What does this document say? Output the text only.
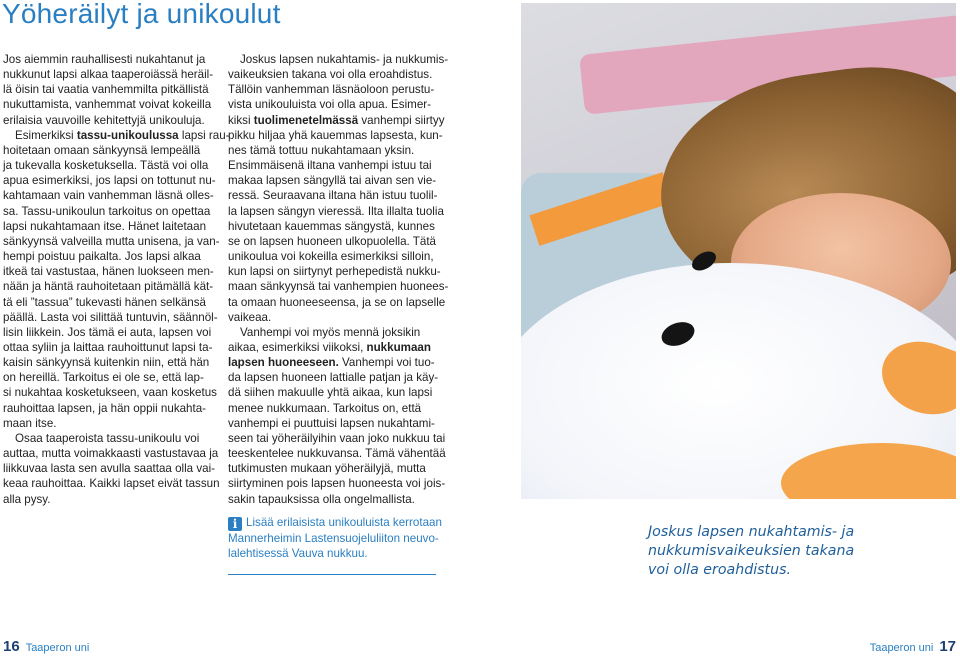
Yöheräilyt ja unikoulut
Jos aiemmin rauhallisesti nukahtanut ja
nukkunut lapsi alkaa taaperoiässä heräil-
lä öisin tai vaatia vanhemmilta pitkällistä
nukuttamista, vanhemmat voivat kokeilla
erilaisia vauvoille kehitettyjä unikouluja.
Esimerkiksi tassu-unikoulussa lapsi rau-
hoitetaan omaan sänkyynsä lempeällä
ja tukevalla kosketuksella. Tästä voi olla
apua esimerkiksi, jos lapsi on tottunut nu-
kahtamaan vain vanhemman läsnä olles-
sa. Tassu-unikoulun tarkoitus on opettaa
lapsi nukahtamaan itse. Hänet laitetaan
sänkyynsä valveilla mutta unisena, ja van-
hempi poistuu paikalta. Jos lapsi alkaa
itkeä tai vastustaa, hänen luokseen men-
nään ja häntä rauhoitetaan pitämällä kät-
tä eli ”tassua” tukevasti hänen selkänsä
päällä. Lasta voi silittää tuntuvin, säännöl-
lisin liikkein. Jos tämä ei auta, lapsen voi
ottaa syliin ja laittaa rauhoittunut lapsi ta-
kaisin sänkyynsä kuitenkin niin, että hän
on hereillä. Tarkoitus ei ole se, että lap-
si nukahtaa kosketukseen, vaan kosketus
rauhoittaa lapsen, ja hän oppii nukahta-
maan itse.
Osaa taaperoista tassu-unikoulu voi
auttaa, mutta voimakkaasti vastustavaa ja
liikkuvaa lasta sen avulla saattaa olla vai-
keaa rauhoittaa. Kaikki lapset eivät tassun
alla pysy.
Joskus lapsen nukahtamis- ja nukkumis-
vaikeuksien takana voi olla eroahdistus.
Tällöin vanhemman läsnäoloon perustu-
vista unikouluista voi olla apua. Esimer-
kiksi tuolimenetelmässä vanhempi siirtyy
pikku hiljaa yhä kauemmas lapsesta, kun-
nes tämä tottuu nukahtamaan yksin.
Ensimmäisenä iltana vanhempi istuu tai
makaa lapsen sängyllä tai aivan sen vie-
ressä. Seuraavana iltana hän istuu tuolil-
la lapsen sängyn vieressä. Ilta illalta tuolia
hivutetaan kauemmas sängystä, kunnes
se on lapsen huoneen ulkopuolella. Tätä
unikoulua voi kokeilla esimerkiksi silloin,
kun lapsi on siirtynyt perhepedistä nukku-
maan sänkyynsä tai vanhempien huonees-
ta omaan huoneeseensa, ja se on lapselle
vaikeaa.
Vanhempi voi myös mennä joksikin
aikaa, esimerkiksi viikoksi, nukkumaan
lapsen huoneeseen. Vanhempi voi tuo-
da lapsen huoneen lattialle patjan ja käy-
dä siihen makuulle yhtä aikaa, kun lapsi
menee nukkumaan. Tarkoitus on, että
vanhempi ei puuttuisi lapsen nukahtami-
seen tai yöheräilyihin vaan joko nukkuu tai
teeskentelee nukkuvansa. Tämä vähentää
tutkimusten mukaan yöheräilyjä, mutta
siirtyminen pois lapsen huoneesta voi jois-
sakin tapauksissa olla ongelmallista.
i Lisää erilaisista unikouluista kerrotaan
Mannerheimin Lastensuojeluliiton neuvo-
lalehtisessä Vauva nukkuu.
Joskus lapsen nukahtamis- ja
nukkumisvaikeuksien takana
voi olla eroahdistus.
16 Taaperon uni	Taaperon uni 17
